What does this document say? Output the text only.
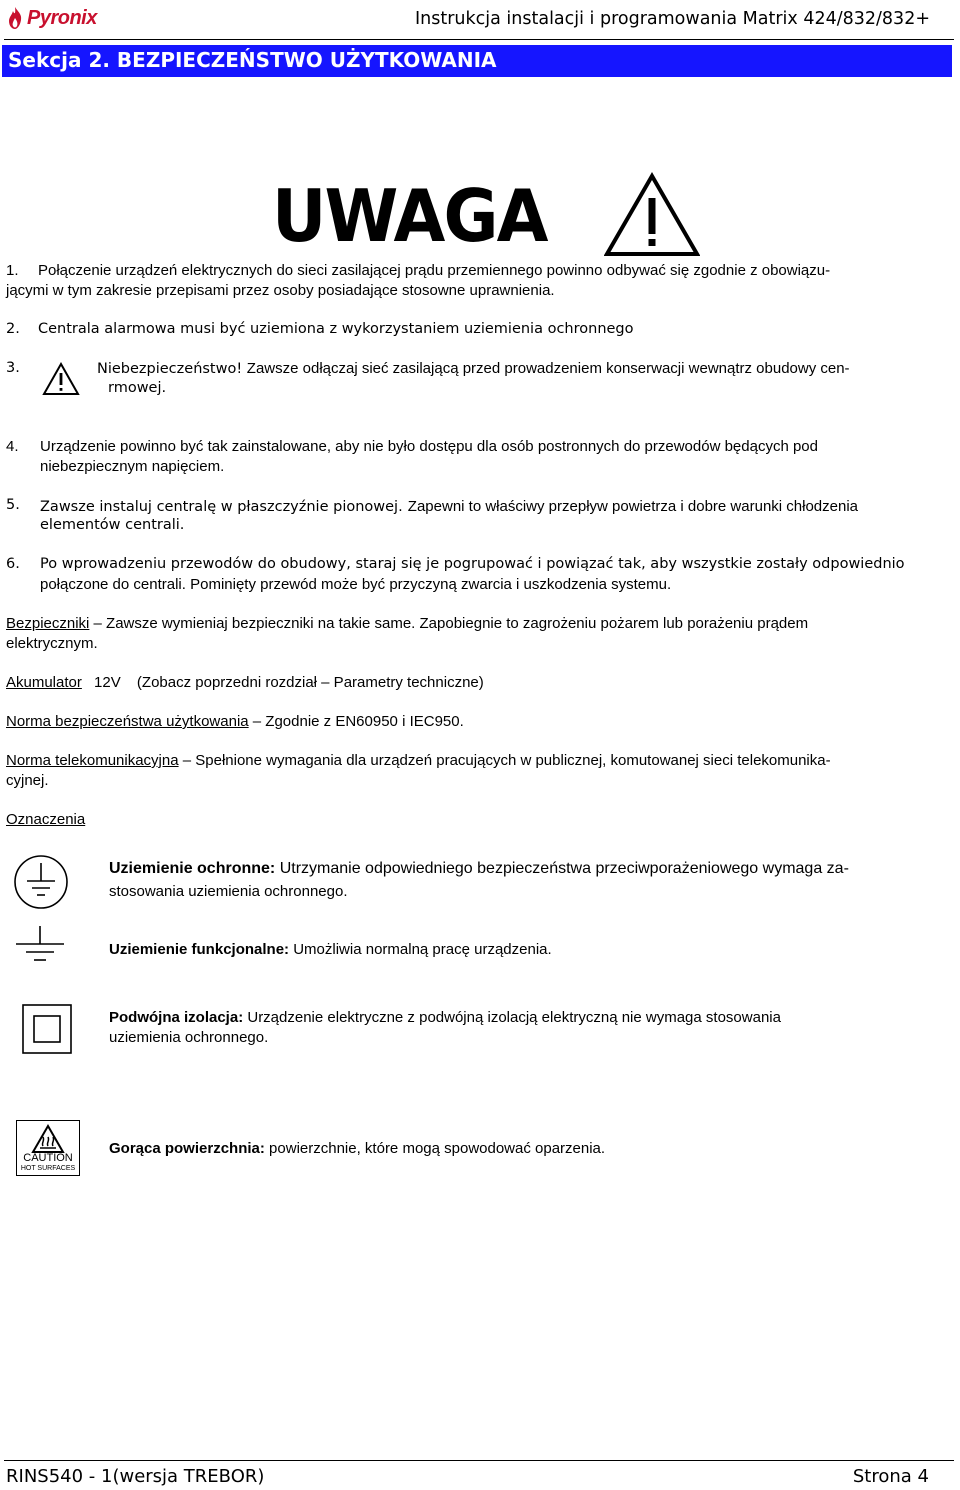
Pyronix	Instrukcja instalacji i programowania Matrix 424/832/832+
Sekcja 2. BEZPIECZEŃSTWO UŻYTKOWANIA
UWAGA
1. Połączenie urządzeń elektrycznych do sieci zasilającej prądu przemiennego powinno odbywać się zgodnie z obowiązu-
jącymi w tym zakresie przepisami przez osoby posiadające stosowne uprawnienia.
2. Centrala alarmowa musi być uziemiona z wykorzystaniem uziemienia ochronnego
3.	Niebezpieczeństwo! Zawsze odłączaj sieć zasilającą przed prowadzeniem konserwacji wewnątrz obudowy cen-
rmowej.
4. Urządzenie powinno być tak zainstalowane, aby nie było dostępu dla osób postronnych do przewodów będących pod
niebezpiecznym napięciem.
5. Zawsze instaluj centralę w płaszczyźnie pionowej. Zapewni to właściwy przepływ powietrza i dobre warunki chłodzenia
elementów centrali.
6. Po wprowadzeniu przewodów do obudowy, staraj się je pogrupować i powiązać tak, aby wszystkie zostały odpowiednio
połączone do centrali. Pominięty przewód może być przyczyną zwarcia i uszkodzenia systemu.
Bezpieczniki – Zawsze wymieniaj bezpieczniki na takie same. Zapobiegnie to zagrożeniu pożarem lub porażeniu prądem
elektrycznym.
Akumulator 12V (Zobacz poprzedni rozdział – Parametry techniczne)
Norma bezpieczeństwa użytkowania – Zgodnie z EN60950 i IEC950.
Norma telekomunikacyjna – Spełnione wymagania dla urządzeń pracujących w publicznej, komutowanej sieci telekomunika-
cyjnej.
Oznaczenia
Uziemienie ochronne: Utrzymanie odpowiedniego bezpieczeństwa przeciwporażeniowego wymaga za-
stosowania uziemienia ochronnego.
Uziemienie funkcjonalne: Umożliwia normalną pracę urządzenia.
Podwójna izolacja: Urządzenie elektryczne z podwójną izolacją elektryczną nie wymaga stosowania
uziemienia ochronnego.
CAUTION
HOT SURFACES
Gorąca powierzchnia: powierzchnie, które mogą spowodować oparzenia.
RINS540 - 1(wersja TREBOR)	Strona 4
